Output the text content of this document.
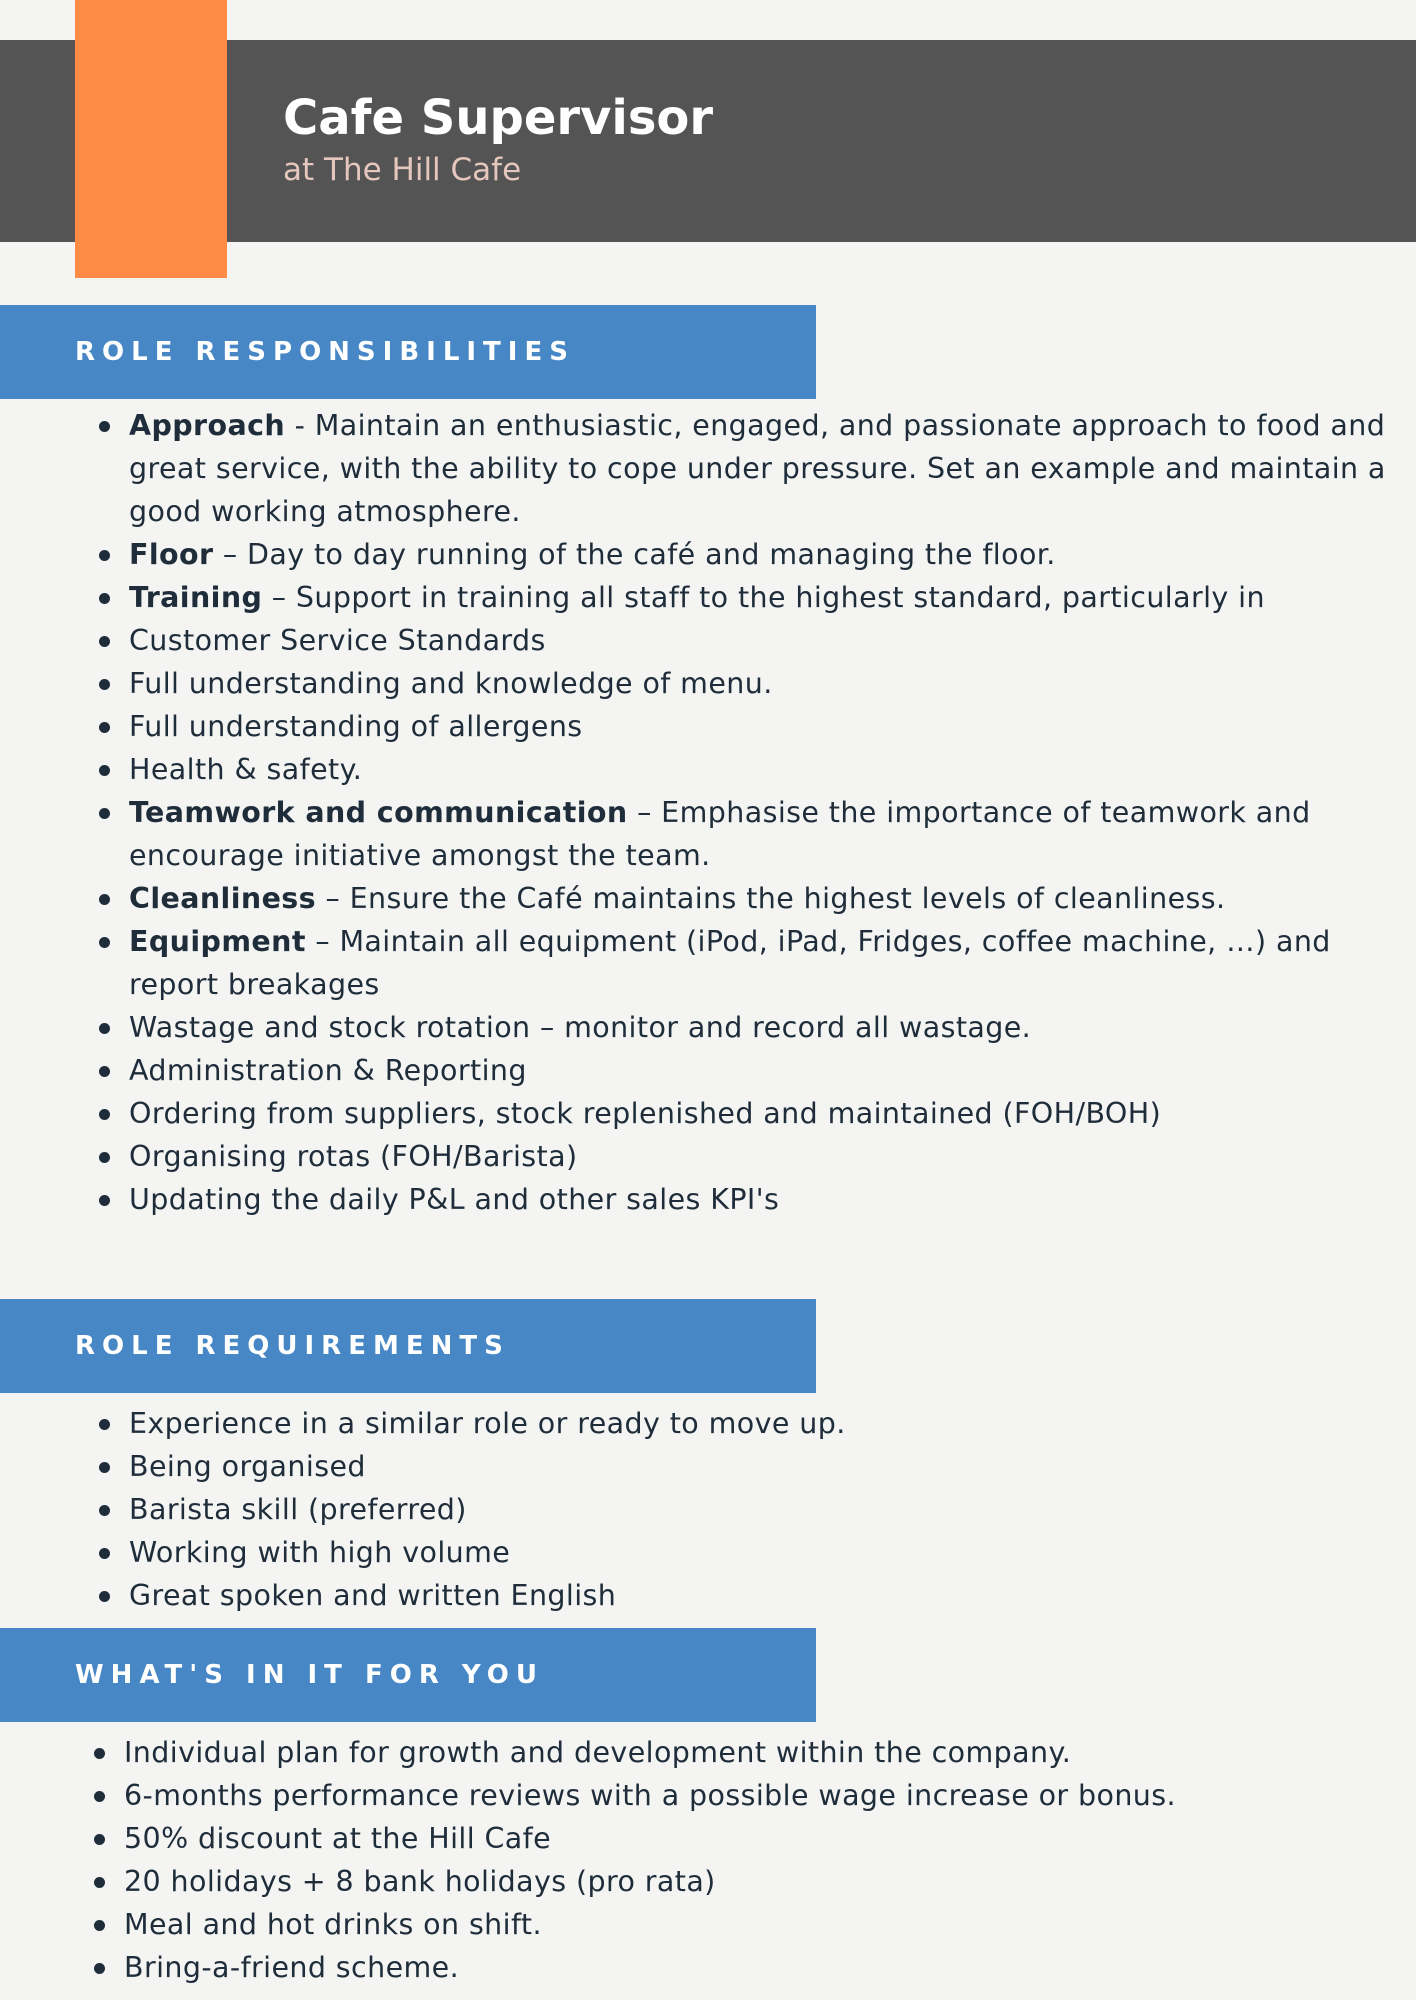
Cafe Supervisor

at The Hill Cafe

ROLE RESPONSIBILITIES
Approach - Maintain an enthusiastic, engaged, and passionate approach to food and great service, with the ability to cope under pressure. Set an example and maintain a good working atmosphere.
Floor – Day to day running of the café and managing the floor.
Training – Support in training all staff to the highest standard, particularly in
Customer Service Standards
Full understanding and knowledge of menu.
Full understanding of allergens
Health & safety.
Teamwork and communication – Emphasise the importance of teamwork and encourage initiative amongst the team.
Cleanliness – Ensure the Café maintains the highest levels of cleanliness.
Equipment – Maintain all equipment (iPod, iPad, Fridges, coffee machine, …) and report breakages
Wastage and stock rotation – monitor and record all wastage.
Administration & Reporting
Ordering from suppliers, stock replenished and maintained (FOH/BOH)
Organising rotas (FOH/Barista)
Updating the daily P&L and other sales KPI's
ROLE REQUIREMENTS
Experience in a similar role or ready to move up.
Being organised
Barista skill (preferred)
Working with high volume
Great spoken and written English
WHAT'S IN IT FOR YOU
Individual plan for growth and development within the company.
6-months performance reviews with a possible wage increase or bonus.
50% discount at the Hill Cafe
20 holidays + 8 bank holidays (pro rata)
Meal and hot drinks on shift.
Bring-a-friend scheme.
